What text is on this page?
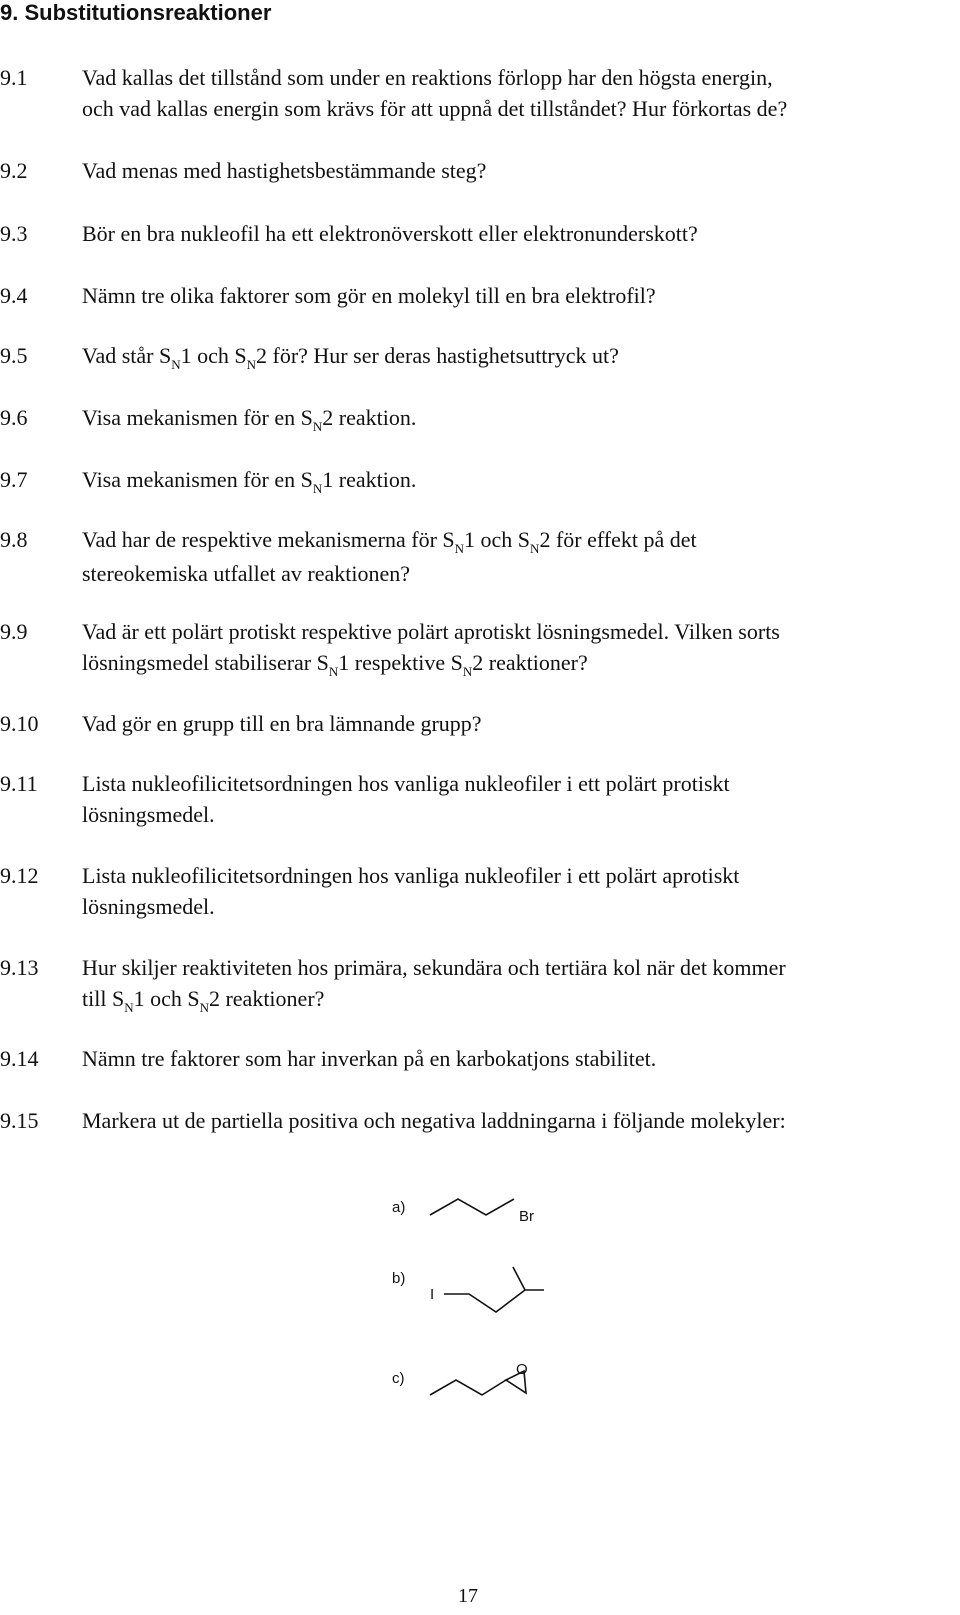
9. Substitutionsreaktioner
9.1	Vad kallas det tillstånd som under en reaktions förlopp har den högsta energin,
och vad kallas energin som krävs för att uppnå det tillståndet? Hur förkortas de?
9.2	Vad menas med hastighetsbestämmande steg?
9.3	Bör en bra nukleofil ha ett elektronöverskott eller elektronunderskott?
9.4	Nämn tre olika faktorer som gör en molekyl till en bra elektrofil?
9.5	Vad står $S_N1$ och $S_N2$ för? Hur ser deras hastighetsuttryck ut?
9.6	Visa mekanismen för en $S_N2$ reaktion.
9.7	Visa mekanismen för en $S_N1$ reaktion.
9.8	Vad har de respektive mekanismerna för $S_N1$ och $S_N2$ för effekt på det
stereokemiska utfallet av reaktionen?
9.9	Vad är ett polärt protiskt respektive polärt aprotiskt lösningsmedel. Vilken sorts
lösningsmedel stabiliserar $S_N1$ respektive $S_N2$ reaktioner?
9.10	Vad gör en grupp till en bra lämnande grupp?
9.11	Lista nukleofilicitetsordningen hos vanliga nukleofiler i ett polärt protiskt
lösningsmedel.
9.12	Lista nukleofilicitetsordningen hos vanliga nukleofiler i ett polärt aprotiskt
lösningsmedel.
9.13	Hur skiljer reaktiviteten hos primära, sekundära och tertiära kol när det kommer
till $S_N1$ och $S_N2$ reaktioner?
9.14	Nämn tre faktorer som har inverkan på en karbokatjons stabilitet.
9.15	Markera ut de partiella positiva och negativa laddningarna i följande molekyler:
a)
Br
b)
I
c)
O
17
